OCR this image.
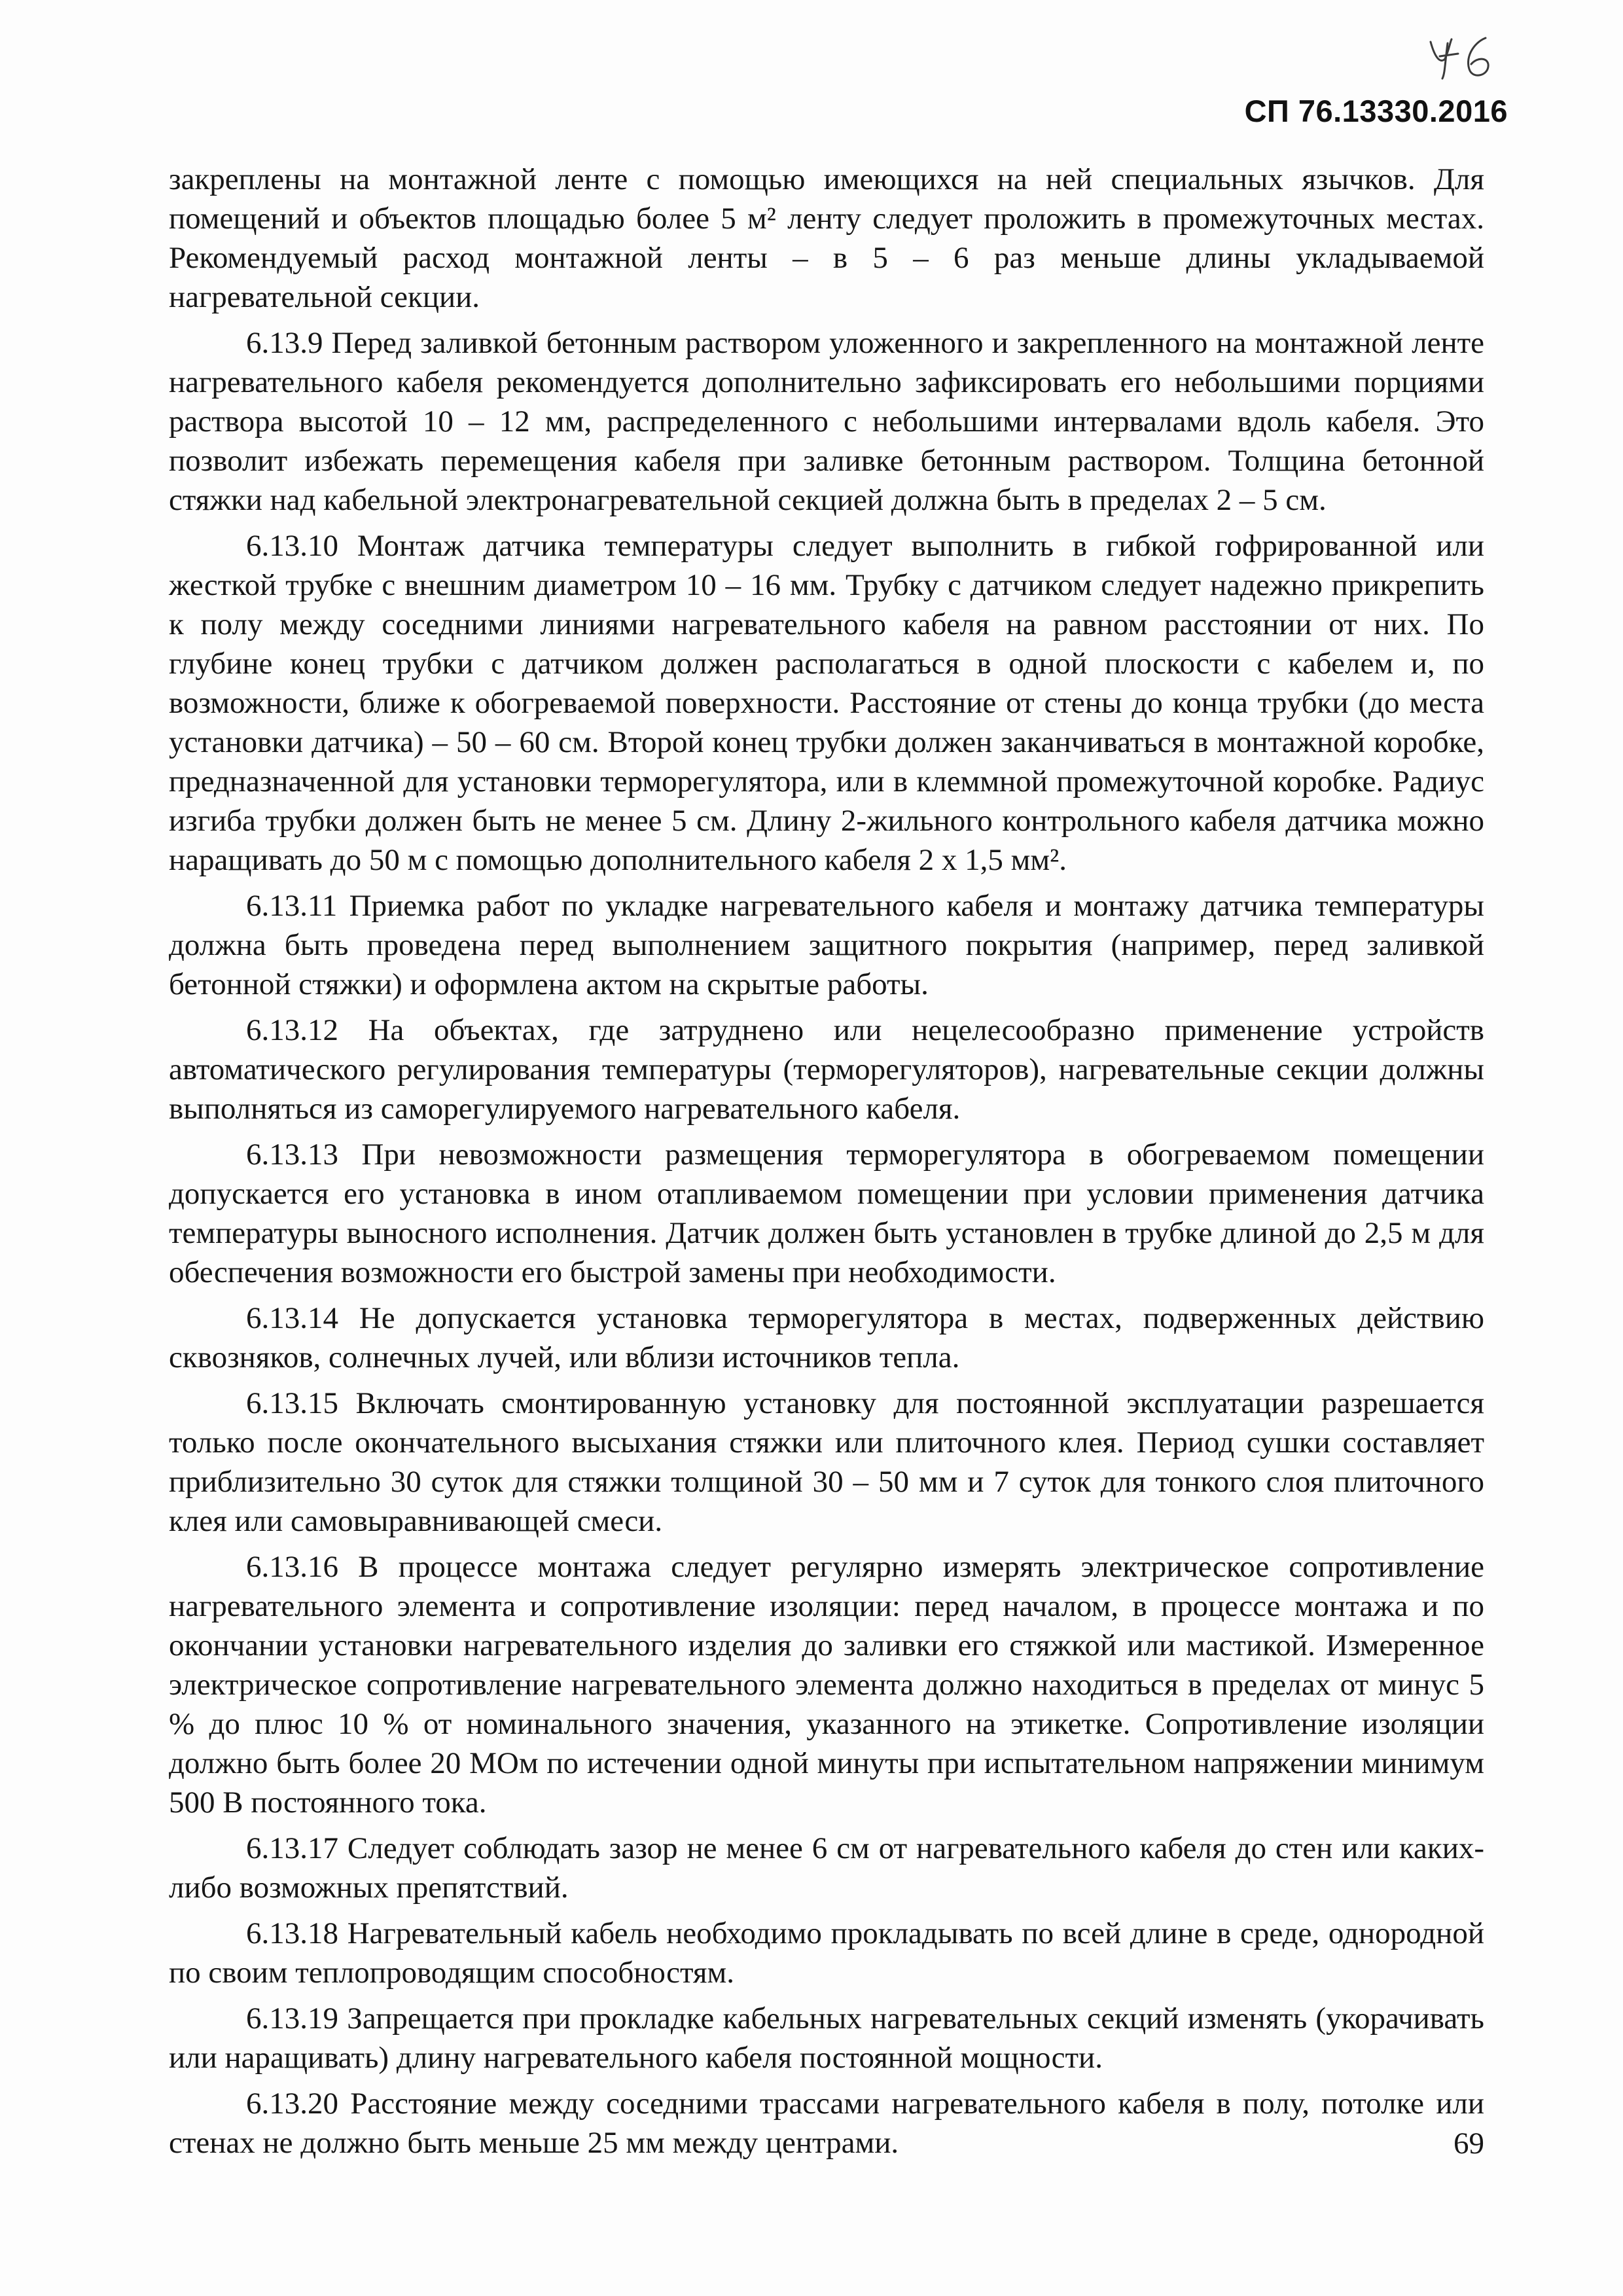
СП 76.13330.2016

закреплены на монтажной ленте с помощью имеющихся на ней специальных язычков. Для помещений и объектов площадью более 5 м² ленту следует проложить в промежуточных местах. Рекомендуемый расход монтажной ленты – в 5 – 6 раз меньше длины укладываемой нагревательной секции.

6.13.9 Перед заливкой бетонным раствором уложенного и закрепленного на монтажной ленте нагревательного кабеля рекомендуется дополнительно зафиксировать его небольшими порциями раствора высотой 10 – 12 мм, распределенного с небольшими интервалами вдоль кабеля. Это позволит избежать перемещения кабеля при заливке бетонным раствором. Толщина бетонной стяжки над кабельной электронагревательной секцией должна быть в пределах 2 – 5 см.

6.13.10 Монтаж датчика температуры следует выполнить в гибкой гофрированной или жесткой трубке с внешним диаметром 10 – 16 мм. Трубку с датчиком следует надежно прикрепить к полу между соседними линиями нагревательного кабеля на равном расстоянии от них. По глубине конец трубки с датчиком должен располагаться в одной плоскости с кабелем и, по возможности, ближе к обогреваемой поверхности. Расстояние от стены до конца трубки (до места установки датчика) – 50 – 60 см. Второй конец трубки должен заканчиваться в монтажной коробке, предназначенной для установки терморегулятора, или в клеммной промежуточной коробке. Радиус изгиба трубки должен быть не менее 5 см. Длину 2-жильного контрольного кабеля датчика можно наращивать до 50 м с помощью дополнительного кабеля 2 х 1,5 мм².

6.13.11 Приемка работ по укладке нагревательного кабеля и монтажу датчика температуры должна быть проведена перед выполнением защитного покрытия (например, перед заливкой бетонной стяжки) и оформлена актом на скрытые работы.

6.13.12 На объектах, где затруднено или нецелесообразно применение устройств автоматического регулирования температуры (терморегуляторов), нагревательные секции должны выполняться из саморегулируемого нагревательного кабеля.

6.13.13 При невозможности размещения терморегулятора в обогреваемом помещении допускается его установка в ином отапливаемом помещении при условии применения датчика температуры выносного исполнения. Датчик должен быть установлен в трубке длиной до 2,5 м для обеспечения возможности его быстрой замены при необходимости.

6.13.14 Не допускается установка терморегулятора в местах, подверженных действию сквозняков, солнечных лучей, или вблизи источников тепла.

6.13.15 Включать смонтированную установку для постоянной эксплуатации разрешается только после окончательного высыхания стяжки или плиточного клея. Период сушки составляет приблизительно 30 суток для стяжки толщиной 30 – 50 мм и 7 суток для тонкого слоя плиточного клея или самовыравнивающей смеси.

6.13.16 В процессе монтажа следует регулярно измерять электрическое сопротивление нагревательного элемента и сопротивление изоляции: перед началом, в процессе монтажа и по окончании установки нагревательного изделия до заливки его стяжкой или мастикой. Измеренное электрическое сопротивление нагревательного элемента должно находиться в пределах от минус 5 % до плюс 10 % от номинального значения, указанного на этикетке. Сопротивление изоляции должно быть более 20 МОм по истечении одной минуты при испытательном напряжении минимум 500 В постоянного тока.

6.13.17 Следует соблюдать зазор не менее 6 см от нагревательного кабеля до стен или каких-либо возможных препятствий.

6.13.18 Нагревательный кабель необходимо прокладывать по всей длине в среде, однородной по своим теплопроводящим способностям.

6.13.19 Запрещается при прокладке кабельных нагревательных секций изменять (укорачивать или наращивать) длину нагревательного кабеля постоянной мощности.

6.13.20 Расстояние между соседними трассами нагревательного кабеля в полу, потолке или стенах не должно быть меньше 25 мм между центрами.	69
